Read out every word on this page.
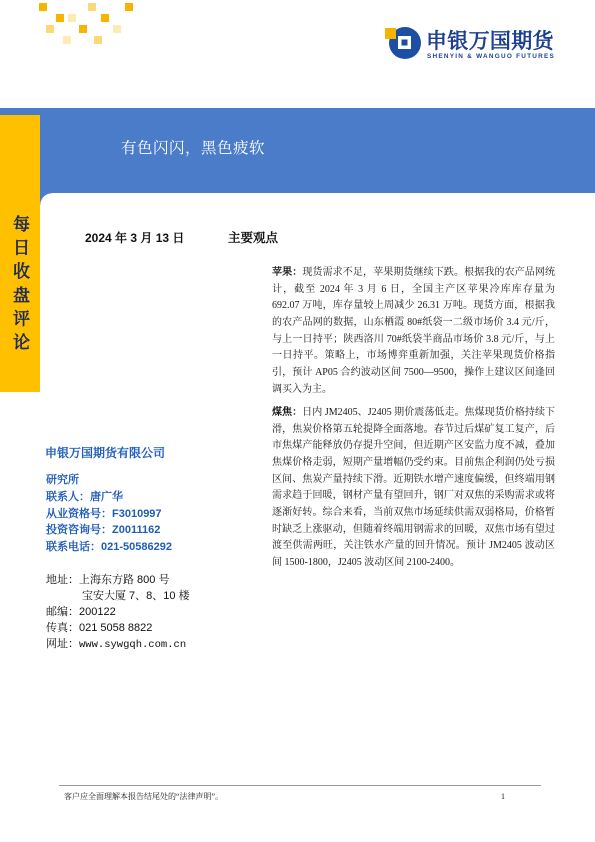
申银万国期货
SHENYIN & WANGUO FUTURES
有色闪闪，黑色疲软
每日收盘评论	2024 年 3 月 13 日	主要观点
苹果：现货需求不足，苹果期货继续下跌。根据我的农产品网统计，截至 2024 年 3 月 6 日，全国主产区苹果冷库库存量为 692.07 万吨，库存量较上周减少 26.31 万吨。现货方面，根据我的农产品网的数据，山东栖霞 80#纸袋一二级市场价 3.4 元/斤，与上一日持平；陕西洛川 70#纸袋半商品市场价 3.8 元/斤，与上一日持平。策略上，市场博弈重新加强，关注苹果现货价格指引，预计 AP05 合约波动区间 7500—9500，操作上建议区间逢回调买入为主。
煤焦：日内 JM2405、J2405 期价震荡低走。焦煤现货价格持续下滑，焦炭价格第五轮提降全面落地。春节过后煤矿复工复产，后市焦煤产能释放仍存提升空间，但近期产区安监力度不减，叠加焦煤价格走弱，短期产量增幅仍受约束。目前焦企利润仍处亏损区间、焦炭产量持续下滑。近期铁水增产速度偏缓，但终端用钢需求趋于回暖，钢材产量有望回升，钢厂对双焦的采购需求或将逐渐好转。综合来看，当前双焦市场延续供需双弱格局，价格暂时缺乏上涨驱动，但随着终端用钢需求的回暖，双焦市场有望过渡至供需两旺，关注铁水产量的回升情况。预计 JM2405 波动区间 1500-1800，J2405 波动区间 2100-2400。
申银万国期货有限公司
研究所
联系人：唐广华
从业资格号：F3010997
投资咨询号：Z0011162
联系电话：021-50586292
地址：上海东方路 800 号
宝安大厦 7、8、10 楼
邮编：200122
传真：021 5058 8822
网址：www.sywgqh.com.cn
客户应全面理解本报告结尾处的“法律声明”。	1
